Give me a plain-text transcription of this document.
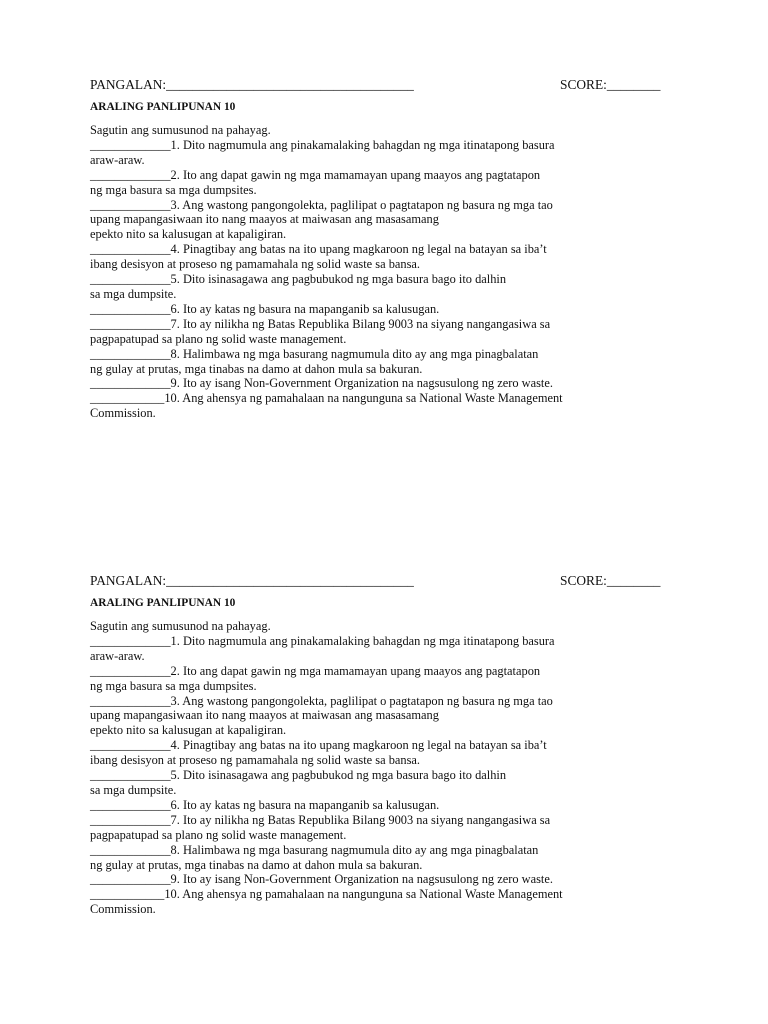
PANGALAN:_____________________________________	SCORE:________
ARALING PANLIPUNAN 10
Sagutin ang sumusunod na pahayag.
_____________1. Dito nagmumula ang pinakamalaking bahagdan ng mga itinatapong basura
araw-araw.
_____________2. Ito ang dapat gawin ng mga mamamayan upang maayos ang pagtatapon
ng mga basura sa mga dumpsites.
_____________3. Ang wastong pangongolekta, paglilipat o pagtatapon ng basura ng mga tao
upang mapangasiwaan ito nang maayos at maiwasan ang masasamang
epekto nito sa kalusugan at kapaligiran.
_____________4. Pinagtibay ang batas na ito upang magkaroon ng legal na batayan sa iba’t
ibang desisyon at proseso ng pamamahala ng solid waste sa bansa.
_____________5. Dito isinasagawa ang pagbubukod ng mga basura bago ito dalhin
sa mga dumpsite.
_____________6. Ito ay katas ng basura na mapanganib sa kalusugan.
_____________7. Ito ay nilikha ng Batas Republika Bilang 9003 na siyang nangangasiwa sa
pagpapatupad sa plano ng solid waste management.
_____________8. Halimbawa ng mga basurang nagmumula dito ay ang mga pinagbalatan
ng gulay at prutas, mga tinabas na damo at dahon mula sa bakuran.
_____________9. Ito ay isang Non-Government Organization na nagsusulong ng zero waste.
____________10. Ang ahensya ng pamahalaan na nangunguna sa National Waste Management
Commission.
PANGALAN:_____________________________________	SCORE:________
ARALING PANLIPUNAN 10
Sagutin ang sumusunod na pahayag.
_____________1. Dito nagmumula ang pinakamalaking bahagdan ng mga itinatapong basura
araw-araw.
_____________2. Ito ang dapat gawin ng mga mamamayan upang maayos ang pagtatapon
ng mga basura sa mga dumpsites.
_____________3. Ang wastong pangongolekta, paglilipat o pagtatapon ng basura ng mga tao
upang mapangasiwaan ito nang maayos at maiwasan ang masasamang
epekto nito sa kalusugan at kapaligiran.
_____________4. Pinagtibay ang batas na ito upang magkaroon ng legal na batayan sa iba’t
ibang desisyon at proseso ng pamamahala ng solid waste sa bansa.
_____________5. Dito isinasagawa ang pagbubukod ng mga basura bago ito dalhin
sa mga dumpsite.
_____________6. Ito ay katas ng basura na mapanganib sa kalusugan.
_____________7. Ito ay nilikha ng Batas Republika Bilang 9003 na siyang nangangasiwa sa
pagpapatupad sa plano ng solid waste management.
_____________8. Halimbawa ng mga basurang nagmumula dito ay ang mga pinagbalatan
ng gulay at prutas, mga tinabas na damo at dahon mula sa bakuran.
_____________9. Ito ay isang Non-Government Organization na nagsusulong ng zero waste.
____________10. Ang ahensya ng pamahalaan na nangunguna sa National Waste Management
Commission.
